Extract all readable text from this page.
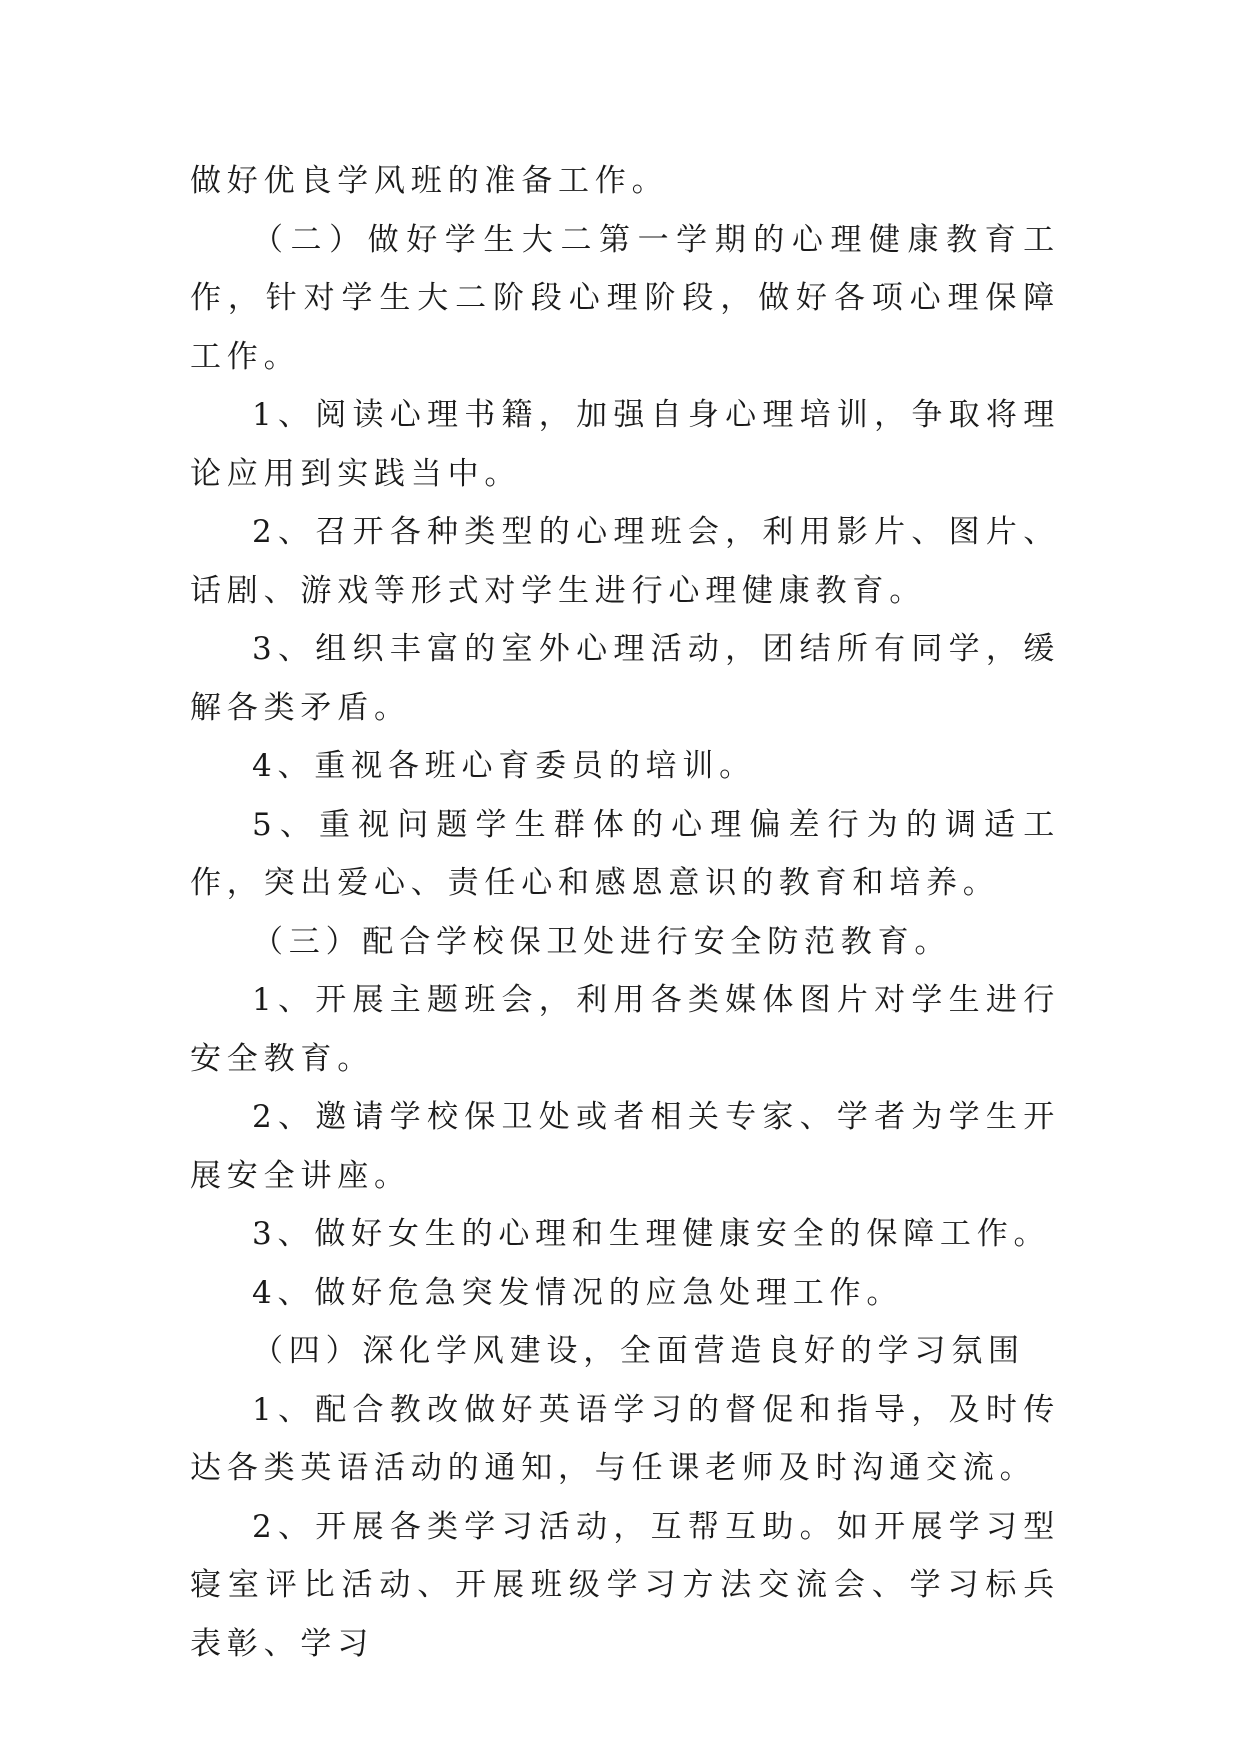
做好优良学风班的准备工作。

（二）做好学生大二第一学期的心理健康教育工作，针对学生大二阶段心理阶段，做好各项心理保障工作。

1、阅读心理书籍，加强自身心理培训，争取将理论应用到实践当中。

2、召开各种类型的心理班会，利用影片、图片、话剧、游戏等形式对学生进行心理健康教育。

3、组织丰富的室外心理活动，团结所有同学，缓解各类矛盾。

4、重视各班心育委员的培训。

5、重视问题学生群体的心理偏差行为的调适工作，突出爱心、责任心和感恩意识的教育和培养。

（三）配合学校保卫处进行安全防范教育。

1、开展主题班会，利用各类媒体图片对学生进行安全教育。

2、邀请学校保卫处或者相关专家、学者为学生开展安全讲座。

3、做好女生的心理和生理健康安全的保障工作。

4、做好危急突发情况的应急处理工作。

（四）深化学风建设，全面营造良好的学习氛围

1、配合教改做好英语学习的督促和指导，及时传达各类英语活动的通知，与任课老师及时沟通交流。

2、开展各类学习活动，互帮互助。如开展学习型寝室评比活动、开展班级学习方法交流会、学习标兵表彰、学习
